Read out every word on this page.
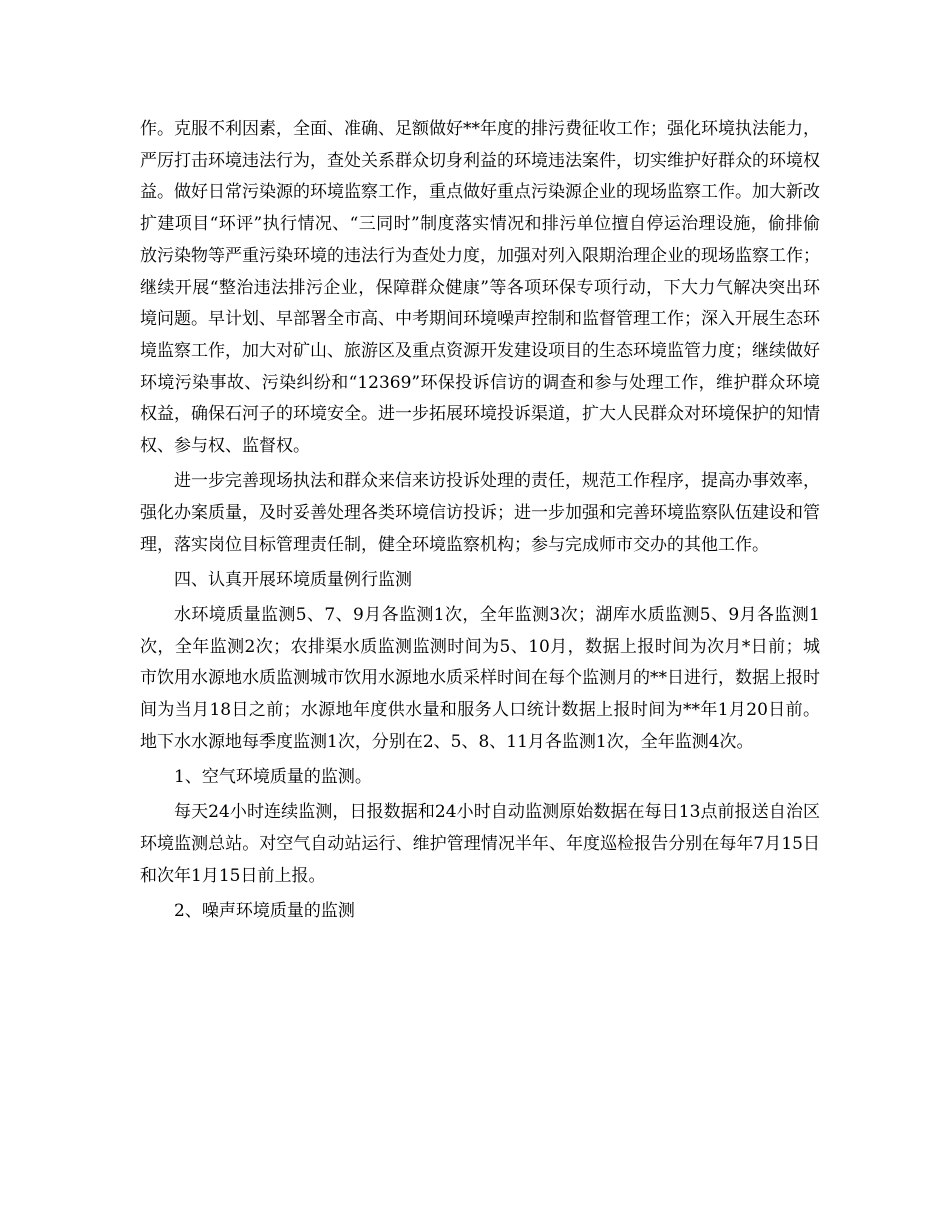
作。克服不利因素，全面、准确、足额做好**年度的排污费征收工作；强化环境执法能力，严厉打击环境违法行为，查处关系群众切身利益的环境违法案件，切实维护好群众的环境权益。做好日常污染源的环境监察工作，重点做好重点污染源企业的现场监察工作。加大新改扩建项目“环评”执行情况、“三同时”制度落实情况和排污单位擅自停运治理设施，偷排偷放污染物等严重污染环境的违法行为查处力度，加强对列入限期治理企业的现场监察工作；继续开展“整治违法排污企业，保障群众健康”等各项环保专项行动，下大力气解决突出环境问题。早计划、早部署全市高、中考期间环境噪声控制和监督管理工作；深入开展生态环境监察工作，加大对矿山、旅游区及重点资源开发建设项目的生态环境监管力度；继续做好环境污染事故、污染纠纷和“12369”环保投诉信访的调查和参与处理工作，维护群众环境权益，确保石河子的环境安全。进一步拓展环境投诉渠道，扩大人民群众对环境保护的知情权、参与权、监督权。

进一步完善现场执法和群众来信来访投诉处理的责任，规范工作程序，提高办事效率，强化办案质量，及时妥善处理各类环境信访投诉；进一步加强和完善环境监察队伍建设和管理，落实岗位目标管理责任制，健全环境监察机构；参与完成师市交办的其他工作。

四、认真开展环境质量例行监测

水环境质量监测5、7、9月各监测1次，全年监测3次；湖库水质监测5、9月各监测1次，全年监测2次；农排渠水质监测监测时间为5、10月，数据上报时间为次月*日前；城市饮用水源地水质监测城市饮用水源地水质采样时间在每个监测月的**日进行，数据上报时间为当月18日之前；水源地年度供水量和服务人口统计数据上报时间为**年1月20日前。地下水水源地每季度监测1次，分别在2、5、8、11月各监测1次，全年监测4次。

1、空气环境质量的监测。

每天24小时连续监测，日报数据和24小时自动监测原始数据在每日13点前报送自治区环境监测总站。对空气自动站运行、维护管理情况半年、年度巡检报告分别在每年7月15日和次年1月15日前上报。

2、噪声环境质量的监测
